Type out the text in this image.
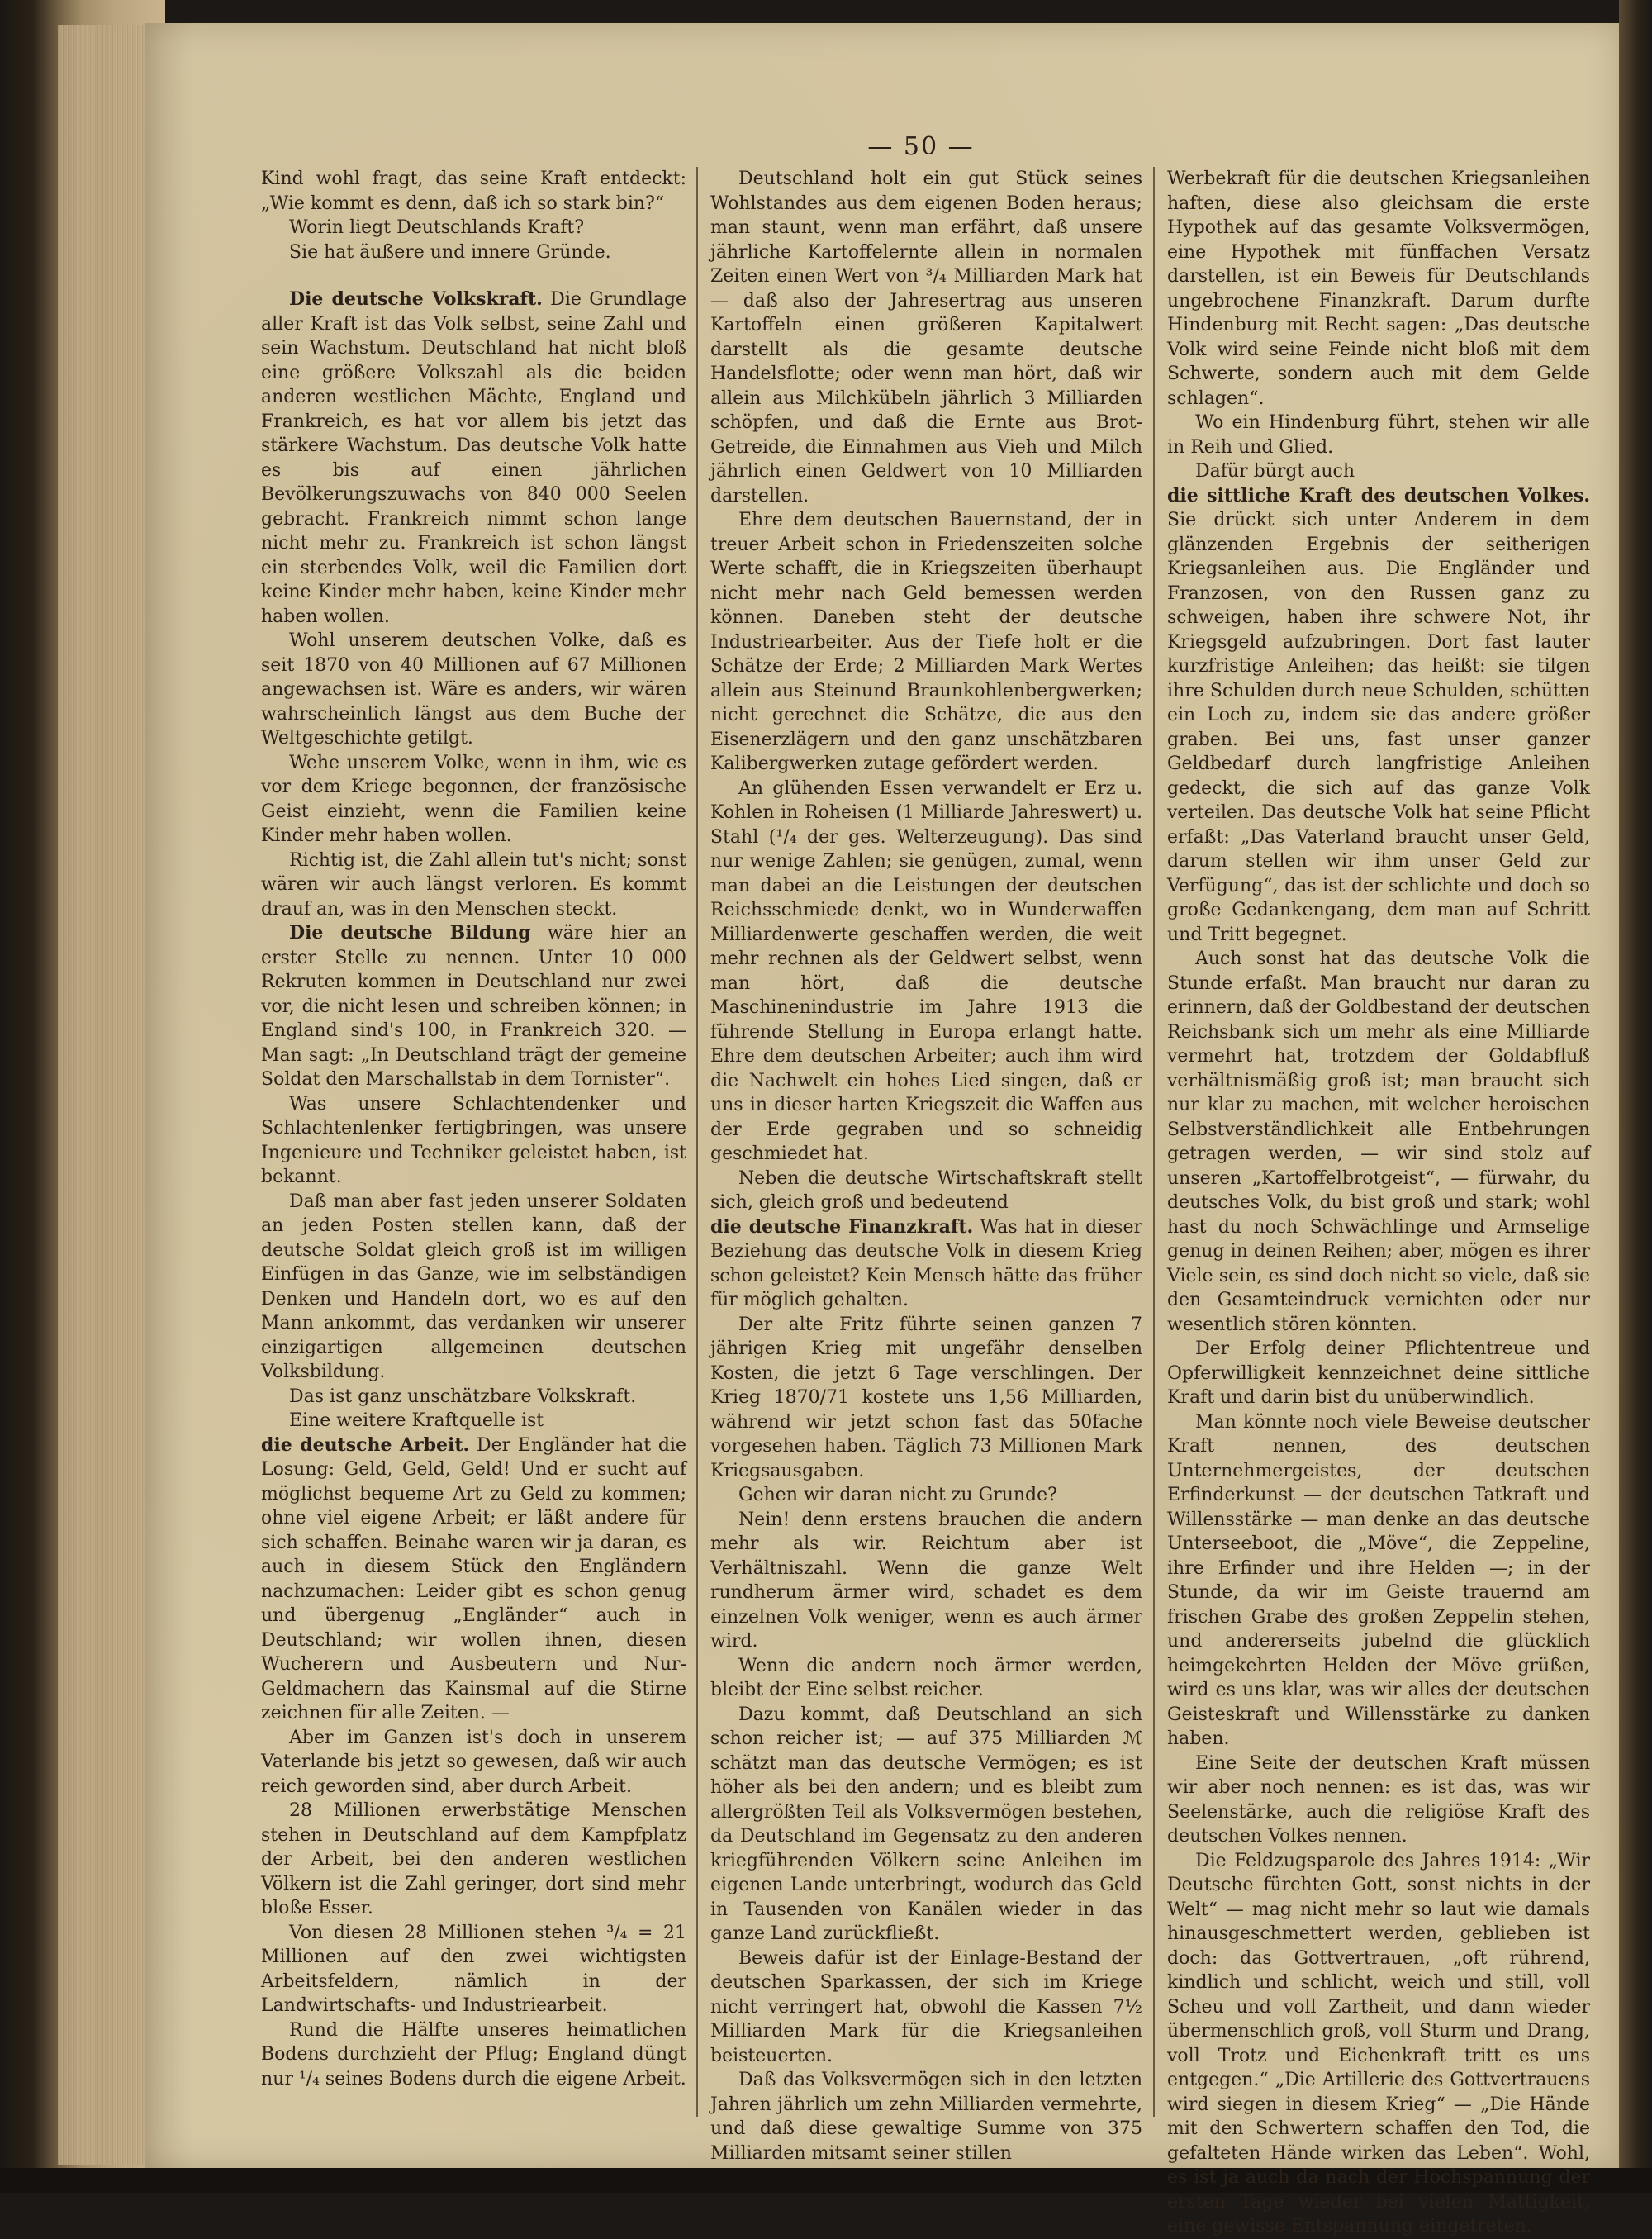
— 50 —

Kind wohl fragt, das seine Kraft entdeckt: „Wie kommt es denn, daß ich so stark bin?“

Worin liegt Deutschlands Kraft?

Sie hat äußere und innere Gründe.

Die deutsche Volkskraft. Die Grundlage aller Kraft ist das Volk selbst, seine Zahl und sein Wachstum. Deutschland hat nicht bloß eine größere Volkszahl als die beiden anderen westlichen Mächte, England und Frankreich, es hat vor allem bis jetzt das stärkere Wachstum. Das deutsche Volk hatte es bis auf einen jährlichen Bevölkerungszuwachs von 840 000 Seelen gebracht. Frankreich nimmt schon lange nicht mehr zu. Frankreich ist schon längst ein sterbendes Volk, weil die Familien dort keine Kinder mehr haben, keine Kinder mehr haben wollen.

Wohl unserem deutschen Volke, daß es seit 1870 von 40 Millionen auf 67 Millionen angewachsen ist. Wäre es anders, wir wären wahrscheinlich längst aus dem Buche der Weltgeschichte getilgt.

Wehe unserem Volke, wenn in ihm, wie es vor dem Kriege begonnen, der französische Geist einzieht, wenn die Familien keine Kinder mehr haben wollen.

Richtig ist, die Zahl allein tut's nicht; sonst wären wir auch längst verloren. Es kommt drauf an, was in den Menschen steckt.

Die deutsche Bildung wäre hier an erster Stelle zu nennen. Unter 10 000 Rekruten kommen in Deutschland nur zwei vor, die nicht lesen und schreiben können; in England sind's 100, in Frankreich 320. — Man sagt: „In Deutschland trägt der gemeine Soldat den Marschallstab in dem Tornister“.

Was unsere Schlachtendenker und Schlachtenlenker fertigbringen, was unsere Ingenieure und Techniker geleistet haben, ist bekannt.

Daß man aber fast jeden unserer Soldaten an jeden Posten stellen kann, daß der deutsche Soldat gleich groß ist im willigen Einfügen in das Ganze, wie im selbständigen Denken und Handeln dort, wo es auf den Mann ankommt, das verdanken wir unserer einzigartigen allgemeinen deutschen Volksbildung.

Das ist ganz unschätzbare Volkskraft.

Eine weitere Kraftquelle ist

die deutsche Arbeit. Der Engländer hat die Losung: Geld, Geld, Geld! Und er sucht auf möglichst bequeme Art zu Geld zu kommen; ohne viel eigene Arbeit; er läßt andere für sich schaffen. Beinahe waren wir ja daran, es auch in diesem Stück den Engländern nachzumachen: Leider gibt es schon genug und übergenug „Engländer“ auch in Deutschland; wir wollen ihnen, diesen Wucherern und Ausbeutern und Nur-Geldmachern das Kainsmal auf die Stirne zeichnen für alle Zeiten. —

Aber im Ganzen ist's doch in unserem Vaterlande bis jetzt so gewesen, daß wir auch reich geworden sind, aber durch Arbeit.

28 Millionen erwerbstätige Menschen stehen in Deutschland auf dem Kampfplatz der Arbeit, bei den anderen westlichen Völkern ist die Zahl geringer, dort sind mehr bloße Esser.

Von diesen 28 Millionen stehen ³/₄ = 21 Millionen auf den zwei wichtigsten Arbeitsfeldern, nämlich in der Landwirtschafts- und Industriearbeit.

Rund die Hälfte unseres heimatlichen Bodens durchzieht der Pflug; England düngt nur ¹/₄ seines Bodens durch die eigene Arbeit.

Deutschland holt ein gut Stück seines Wohlstandes aus dem eigenen Boden heraus; man staunt, wenn man erfährt, daß unsere jährliche Kartoffelernte allein in normalen Zeiten einen Wert von ³/₄ Milliarden Mark hat — daß also der Jahresertrag aus unseren Kartoffeln einen größeren Kapitalwert darstellt als die gesamte deutsche Handelsflotte; oder wenn man hört, daß wir allein aus Milchkübeln jährlich 3 Milliarden schöpfen, und daß die Ernte aus Brot-Getreide, die Einnahmen aus Vieh und Milch jährlich einen Geldwert von 10 Milliarden darstellen.

Ehre dem deutschen Bauernstand, der in treuer Arbeit schon in Friedenszeiten solche Werte schafft, die in Kriegszeiten überhaupt nicht mehr nach Geld bemessen werden können. Daneben steht der deutsche Industriearbeiter. Aus der Tiefe holt er die Schätze der Erde; 2 Milliarden Mark Wertes allein aus Steinund Braunkohlenbergwerken; nicht gerechnet die Schätze, die aus den Eisenerzlägern und den ganz unschätzbaren Kalibergwerken zutage gefördert werden.

An glühenden Essen verwandelt er Erz u. Kohlen in Roheisen (1 Milliarde Jahreswert) u. Stahl (¹/₄ der ges. Welterzeugung). Das sind nur wenige Zahlen; sie genügen, zumal, wenn man dabei an die Leistungen der deutschen Reichsschmiede denkt, wo in Wunderwaffen Milliardenwerte geschaffen werden, die weit mehr rechnen als der Geldwert selbst, wenn man hört, daß die deutsche Maschinenindustrie im Jahre 1913 die führende Stellung in Europa erlangt hatte. Ehre dem deutschen Arbeiter; auch ihm wird die Nachwelt ein hohes Lied singen, daß er uns in dieser harten Kriegszeit die Waffen aus der Erde gegraben und so schneidig geschmiedet hat.

Neben die deutsche Wirtschaftskraft stellt sich, gleich groß und bedeutend

die deutsche Finanzkraft. Was hat in dieser Beziehung das deutsche Volk in diesem Krieg schon geleistet? Kein Mensch hätte das früher für möglich gehalten.

Der alte Fritz führte seinen ganzen 7 jährigen Krieg mit ungefähr denselben Kosten, die jetzt 6 Tage verschlingen. Der Krieg 1870/71 kostete uns 1,56 Milliarden, während wir jetzt schon fast das 50fache vorgesehen haben. Täglich 73 Millionen Mark Kriegsausgaben.

Gehen wir daran nicht zu Grunde?

Nein! denn erstens brauchen die andern mehr als wir. Reichtum aber ist Verhältniszahl. Wenn die ganze Welt rundherum ärmer wird, schadet es dem einzelnen Volk weniger, wenn es auch ärmer wird.

Wenn die andern noch ärmer werden, bleibt der Eine selbst reicher.

Dazu kommt, daß Deutschland an sich schon reicher ist; — auf 375 Milliarden ℳ schätzt man das deutsche Vermögen; es ist höher als bei den andern; und es bleibt zum allergrößten Teil als Volksvermögen bestehen, da Deutschland im Gegensatz zu den anderen kriegführenden Völkern seine Anleihen im eigenen Lande unterbringt, wodurch das Geld in Tausenden von Kanälen wieder in das ganze Land zurückfließt.

Beweis dafür ist der Einlage-Bestand der deutschen Sparkassen, der sich im Kriege nicht verringert hat, obwohl die Kassen 7½ Milliarden Mark für die Kriegsanleihen beisteuerten.

Daß das Volksvermögen sich in den letzten Jahren jährlich um zehn Milliarden vermehrte, und daß diese gewaltige Summe von 375 Milliarden mitsamt seiner stillen

Werbekraft für die deutschen Kriegsanleihen haften, diese also gleichsam die erste Hypothek auf das gesamte Volksvermögen, eine Hypothek mit fünffachen Versatz darstellen, ist ein Beweis für Deutschlands ungebrochene Finanzkraft. Darum durfte Hindenburg mit Recht sagen: „Das deutsche Volk wird seine Feinde nicht bloß mit dem Schwerte, sondern auch mit dem Gelde schlagen“.

Wo ein Hindenburg führt, stehen wir alle in Reih und Glied.

Dafür bürgt auch

die sittliche Kraft des deutschen Volkes. Sie drückt sich unter Anderem in dem glänzenden Ergebnis der seitherigen Kriegsanleihen aus. Die Engländer und Franzosen, von den Russen ganz zu schweigen, haben ihre schwere Not, ihr Kriegsgeld aufzubringen. Dort fast lauter kurzfristige Anleihen; das heißt: sie tilgen ihre Schulden durch neue Schulden, schütten ein Loch zu, indem sie das andere größer graben. Bei uns, fast unser ganzer Geldbedarf durch langfristige Anleihen gedeckt, die sich auf das ganze Volk verteilen. Das deutsche Volk hat seine Pflicht erfaßt: „Das Vaterland braucht unser Geld, darum stellen wir ihm unser Geld zur Verfügung“, das ist der schlichte und doch so große Gedankengang, dem man auf Schritt und Tritt begegnet.

Auch sonst hat das deutsche Volk die Stunde erfaßt. Man braucht nur daran zu erinnern, daß der Goldbestand der deutschen Reichsbank sich um mehr als eine Milliarde vermehrt hat, trotzdem der Goldabfluß verhältnismäßig groß ist; man braucht sich nur klar zu machen, mit welcher heroischen Selbstverständlichkeit alle Entbehrungen getragen werden, — wir sind stolz auf unseren „Kartoffelbrotgeist“, — fürwahr, du deutsches Volk, du bist groß und stark; wohl hast du noch Schwächlinge und Armselige genug in deinen Reihen; aber, mögen es ihrer Viele sein, es sind doch nicht so viele, daß sie den Gesamteindruck vernichten oder nur wesentlich stören könnten.

Der Erfolg deiner Pflichtentreue und Opferwilligkeit kennzeichnet deine sittliche Kraft und darin bist du unüberwindlich.

Man könnte noch viele Beweise deutscher Kraft nennen, des deutschen Unternehmergeistes, der deutschen Erfinderkunst — der deutschen Tatkraft und Willensstärke — man denke an das deutsche Unterseeboot, die „Möve“, die Zeppeline, ihre Erfinder und ihre Helden —; in der Stunde, da wir im Geiste trauernd am frischen Grabe des großen Zeppelin stehen, und andererseits jubelnd die glücklich heimgekehrten Helden der Möve grüßen, wird es uns klar, was wir alles der deutschen Geisteskraft und Willensstärke zu danken haben.

Eine Seite der deutschen Kraft müssen wir aber noch nennen: es ist das, was wir Seelenstärke, auch die religiöse Kraft des deutschen Volkes nennen.

Die Feldzugsparole des Jahres 1914: „Wir Deutsche fürchten Gott, sonst nichts in der Welt“ — mag nicht mehr so laut wie damals hinausgeschmettert werden, geblieben ist doch: das Gottvertrauen, „oft rührend, kindlich und schlicht, weich und still, voll Scheu und voll Zartheit, und dann wieder übermenschlich groß, voll Sturm und Drang, voll Trotz und Eichenkraft tritt es uns entgegen.“ „Die Artillerie des Gottvertrauens wird siegen in diesem Krieg“ — „Die Hände mit den Schwertern schaffen den Tod, die gefalteten Hände wirken das Leben“. Wohl, es ist ja auch da nach der Hochspannung der ersten Tage wieder bei vielen Mattigkeit, eine gewisse Entspannung eingetreten.
